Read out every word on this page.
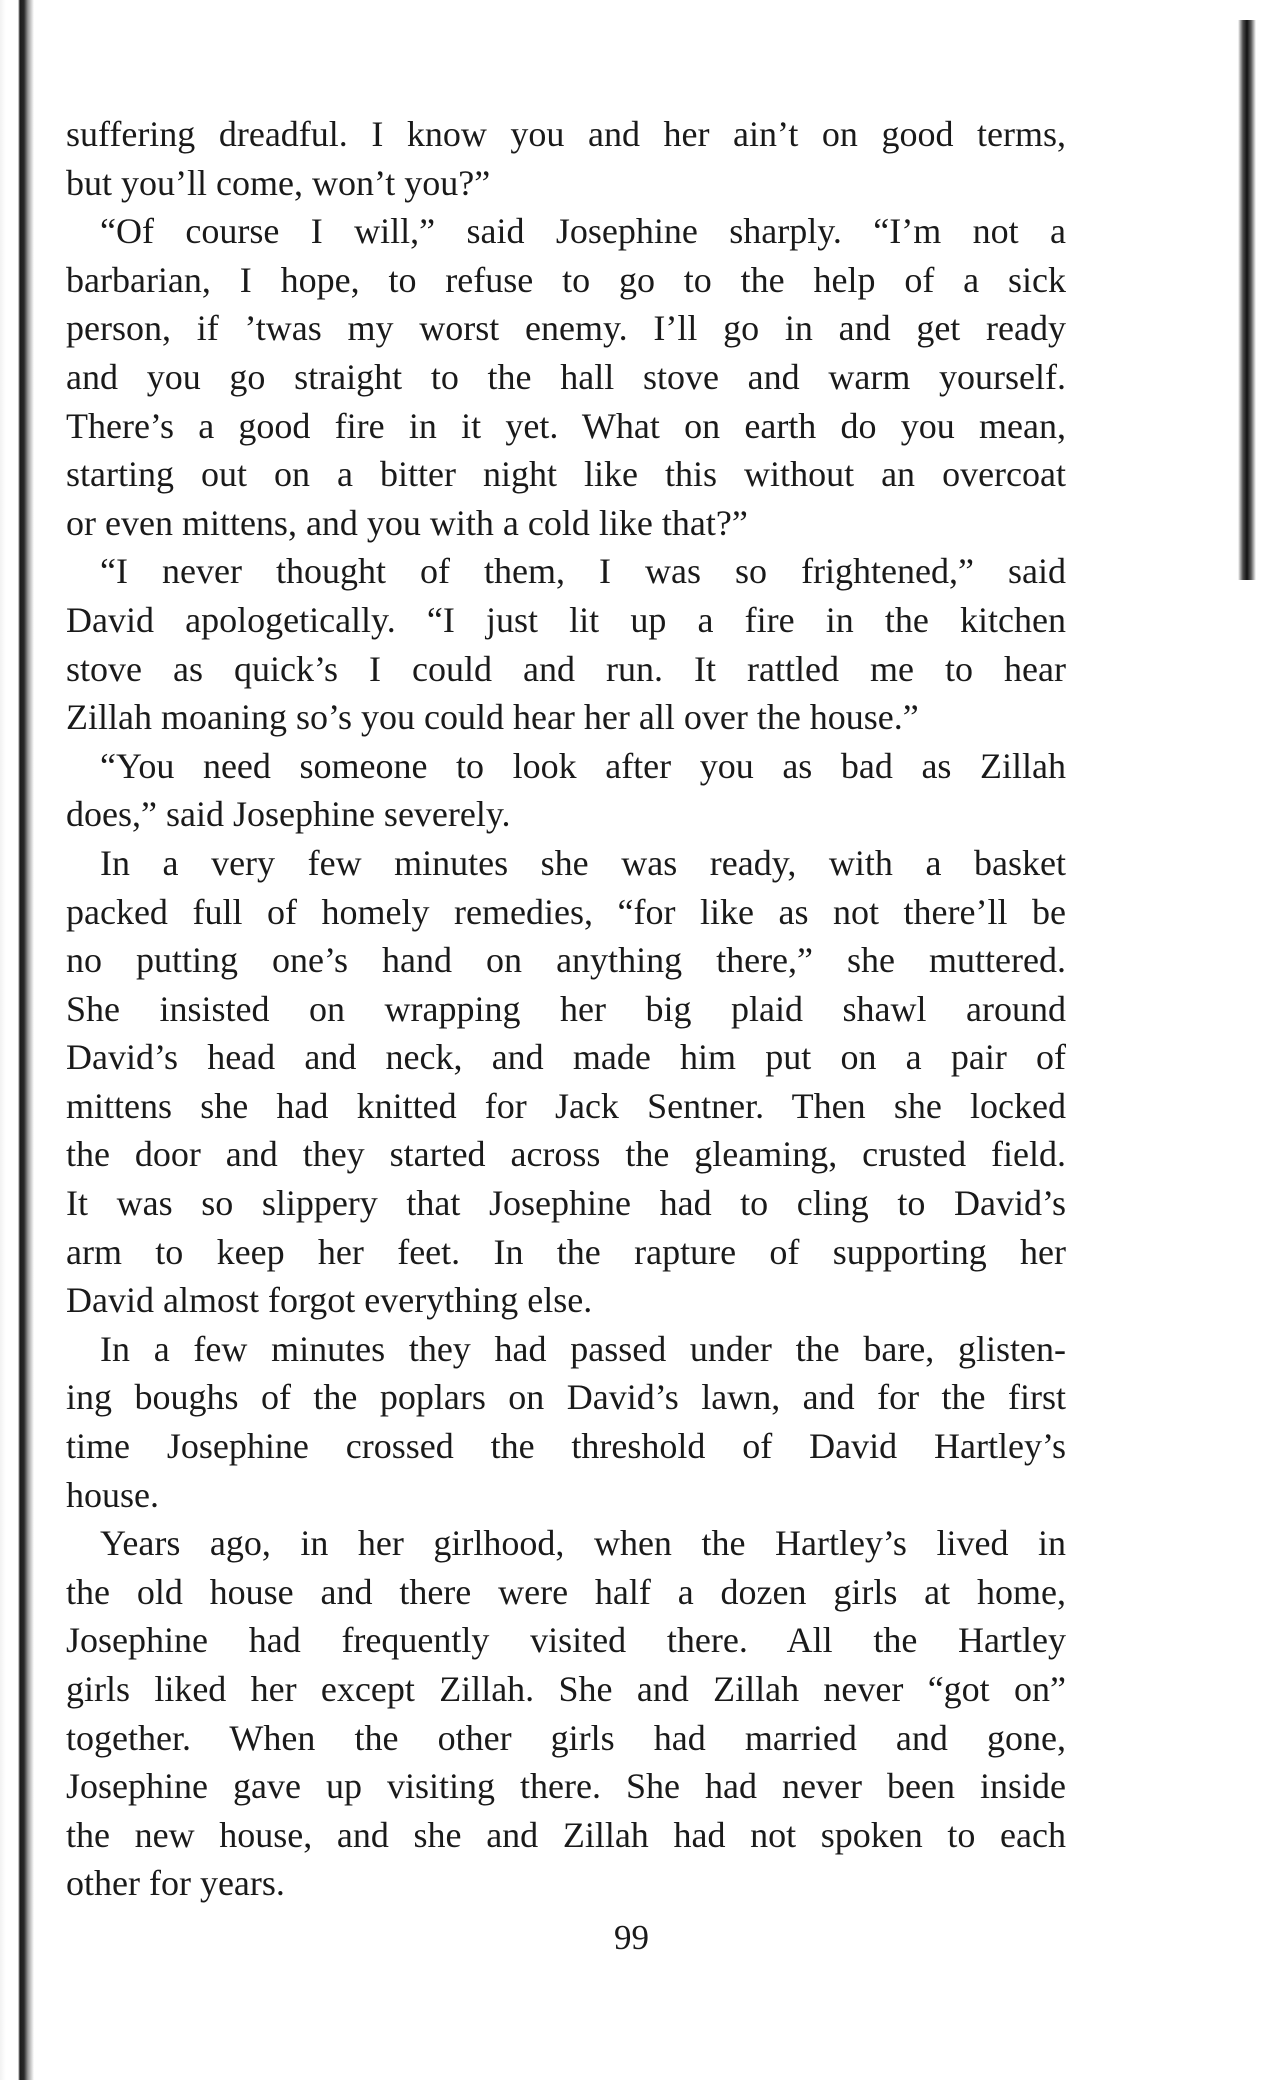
suffering dreadful. I know you and her ain’t on good terms,
but you’ll come, won’t you?”
“Of course I will,” said Josephine sharply. “I’m not a
barbarian, I hope, to refuse to go to the help of a sick
person, if ’twas my worst enemy. I’ll go in and get ready
and you go straight to the hall stove and warm yourself.
There’s a good fire in it yet. What on earth do you mean,
starting out on a bitter night like this without an overcoat
or even mittens, and you with a cold like that?”
“I never thought of them, I was so frightened,” said
David apologetically. “I just lit up a fire in the kitchen
stove as quick’s I could and run. It rattled me to hear
Zillah moaning so’s you could hear her all over the house.”
“You need someone to look after you as bad as Zillah
does,” said Josephine severely.
In a very few minutes she was ready, with a basket
packed full of homely remedies, “for like as not there’ll be
no putting one’s hand on anything there,” she muttered.
She insisted on wrapping her big plaid shawl around
David’s head and neck, and made him put on a pair of
mittens she had knitted for Jack Sentner. Then she locked
the door and they started across the gleaming, crusted field.
It was so slippery that Josephine had to cling to David’s
arm to keep her feet. In the rapture of supporting her
David almost forgot everything else.
In a few minutes they had passed under the bare, glisten-
ing boughs of the poplars on David’s lawn, and for the first
time Josephine crossed the threshold of David Hartley’s
house.
Years ago, in her girlhood, when the Hartley’s lived in
the old house and there were half a dozen girls at home,
Josephine had frequently visited there. All the Hartley
girls liked her except Zillah. She and Zillah never “got on”
together. When the other girls had married and gone,
Josephine gave up visiting there. She had never been inside
the new house, and she and Zillah had not spoken to each
other for years.
99
